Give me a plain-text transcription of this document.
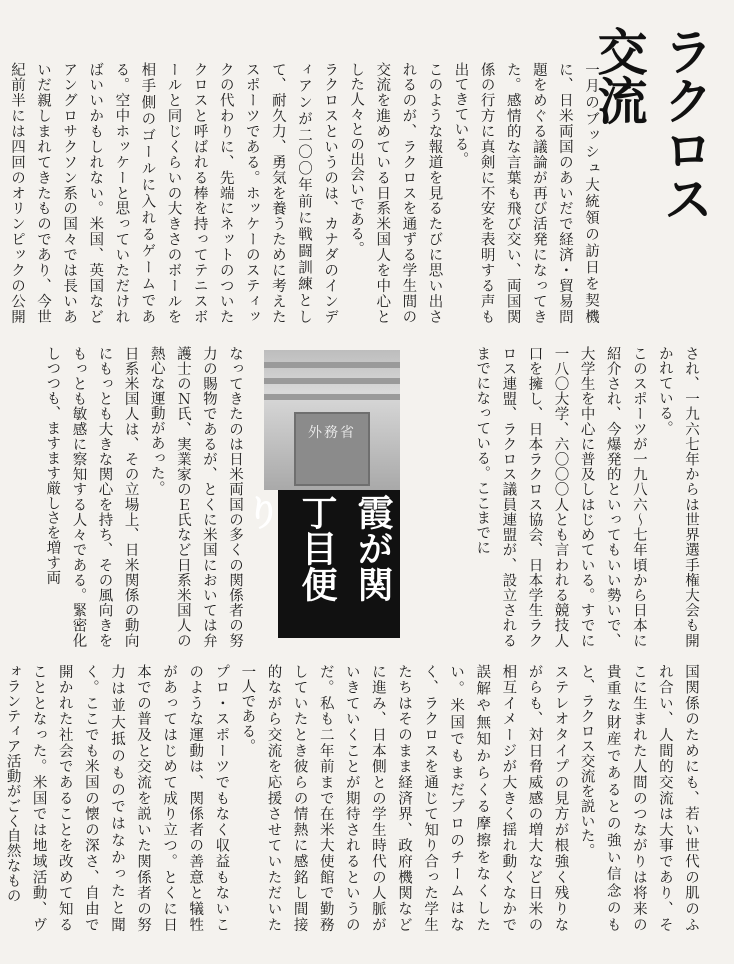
ラクロス交流

一月のブッシュ大統領の訪日を契機に、日米両国のあいだで経済・貿易問題をめぐる議論が再び活発になってきた。感情的な言葉も飛び交い、両国関係の行方に真剣に不安を表明する声も出てきている。

このような報道を見るたびに思い出されるのが、ラクロスを通ずる学生間の交流を進めている日系米国人を中心とした人々との出会いである。

ラクロスというのは、カナダのインディアンが二〇〇年前に戦闘訓練として、耐久力、勇気を養うために考えたスポーツである。ホッケーのスティックの代わりに、先端にネットのついたクロスと呼ばれる棒を持ってテニスボールと同じくらいの大きさのボールを相手側のゴールに入れるゲームである。空中ホッケーと思っていただければいいかもしれない。米国、英国などアングロサクソン系の国々では長いあいだ親しまれてきたものであり、今世紀前半には四回のオリンピックの公開

され、一九六七年からは世界選手権大会も開かれている。

このスポーツが一九八六～七年頃から日本に紹介され、今爆発的といってもいい勢いで、大学生を中心に普及しはじめている。すでに一八〇大学、六〇〇〇人とも言われる競技人口を擁し、日本ラクロス協会、日本学生ラクロス連盟、ラクロス議員連盟が、設立されるまでになっている。ここまでに

外務省
霞が関丁目便り

なってきたのは日米両国の多くの関係者の努力の賜物であるが、とくに米国においては弁護士のＮ氏、実業家のＥ氏など日系米国人の熱心な運動があった。

日系米国人は、その立場上、日米関係の動向にもっとも大きな関心を持ち、その風向きをもっとも敏感に察知する人々である。緊密化しつつも、ますます厳しさを増す両

国関係のためにも、若い世代の肌のふれ合い、人間的交流は大事であり、そこに生まれた人間のつながりは将来の貴重な財産であるとの強い信念のもと、ラクロス交流を説いた。

ステレオタイプの見方が根強く残りながらも、対日脅威感の増大など日米の相互イメージが大きく揺れ動くなかで誤解や無知からくる摩擦をなくしたい。米国でもまだプロのチームはなく、ラクロスを通じて知り合った学生たちはそのまま経済界、政府機関などに進み、日本側との学生時代の人脈がいきていくことが期待されるというのだ。私も二年前まで在米大使館で勤務していたとき彼らの情熱に感銘し間接的ながら交流を応援させていただいた一人である。

プロ・スポーツでもなく収益もないこのような運動は、関係者の善意と犠牲があってはじめて成り立つ。とくに日本での普及と交流を説いた関係者の努力は並大抵のものではなかったと聞く。ここでも米国の懐の深さ、自由で開かれた社会であることを改めて知ることとなった。米国では地域活動、ヴォランティア活動がごく自然なもの
